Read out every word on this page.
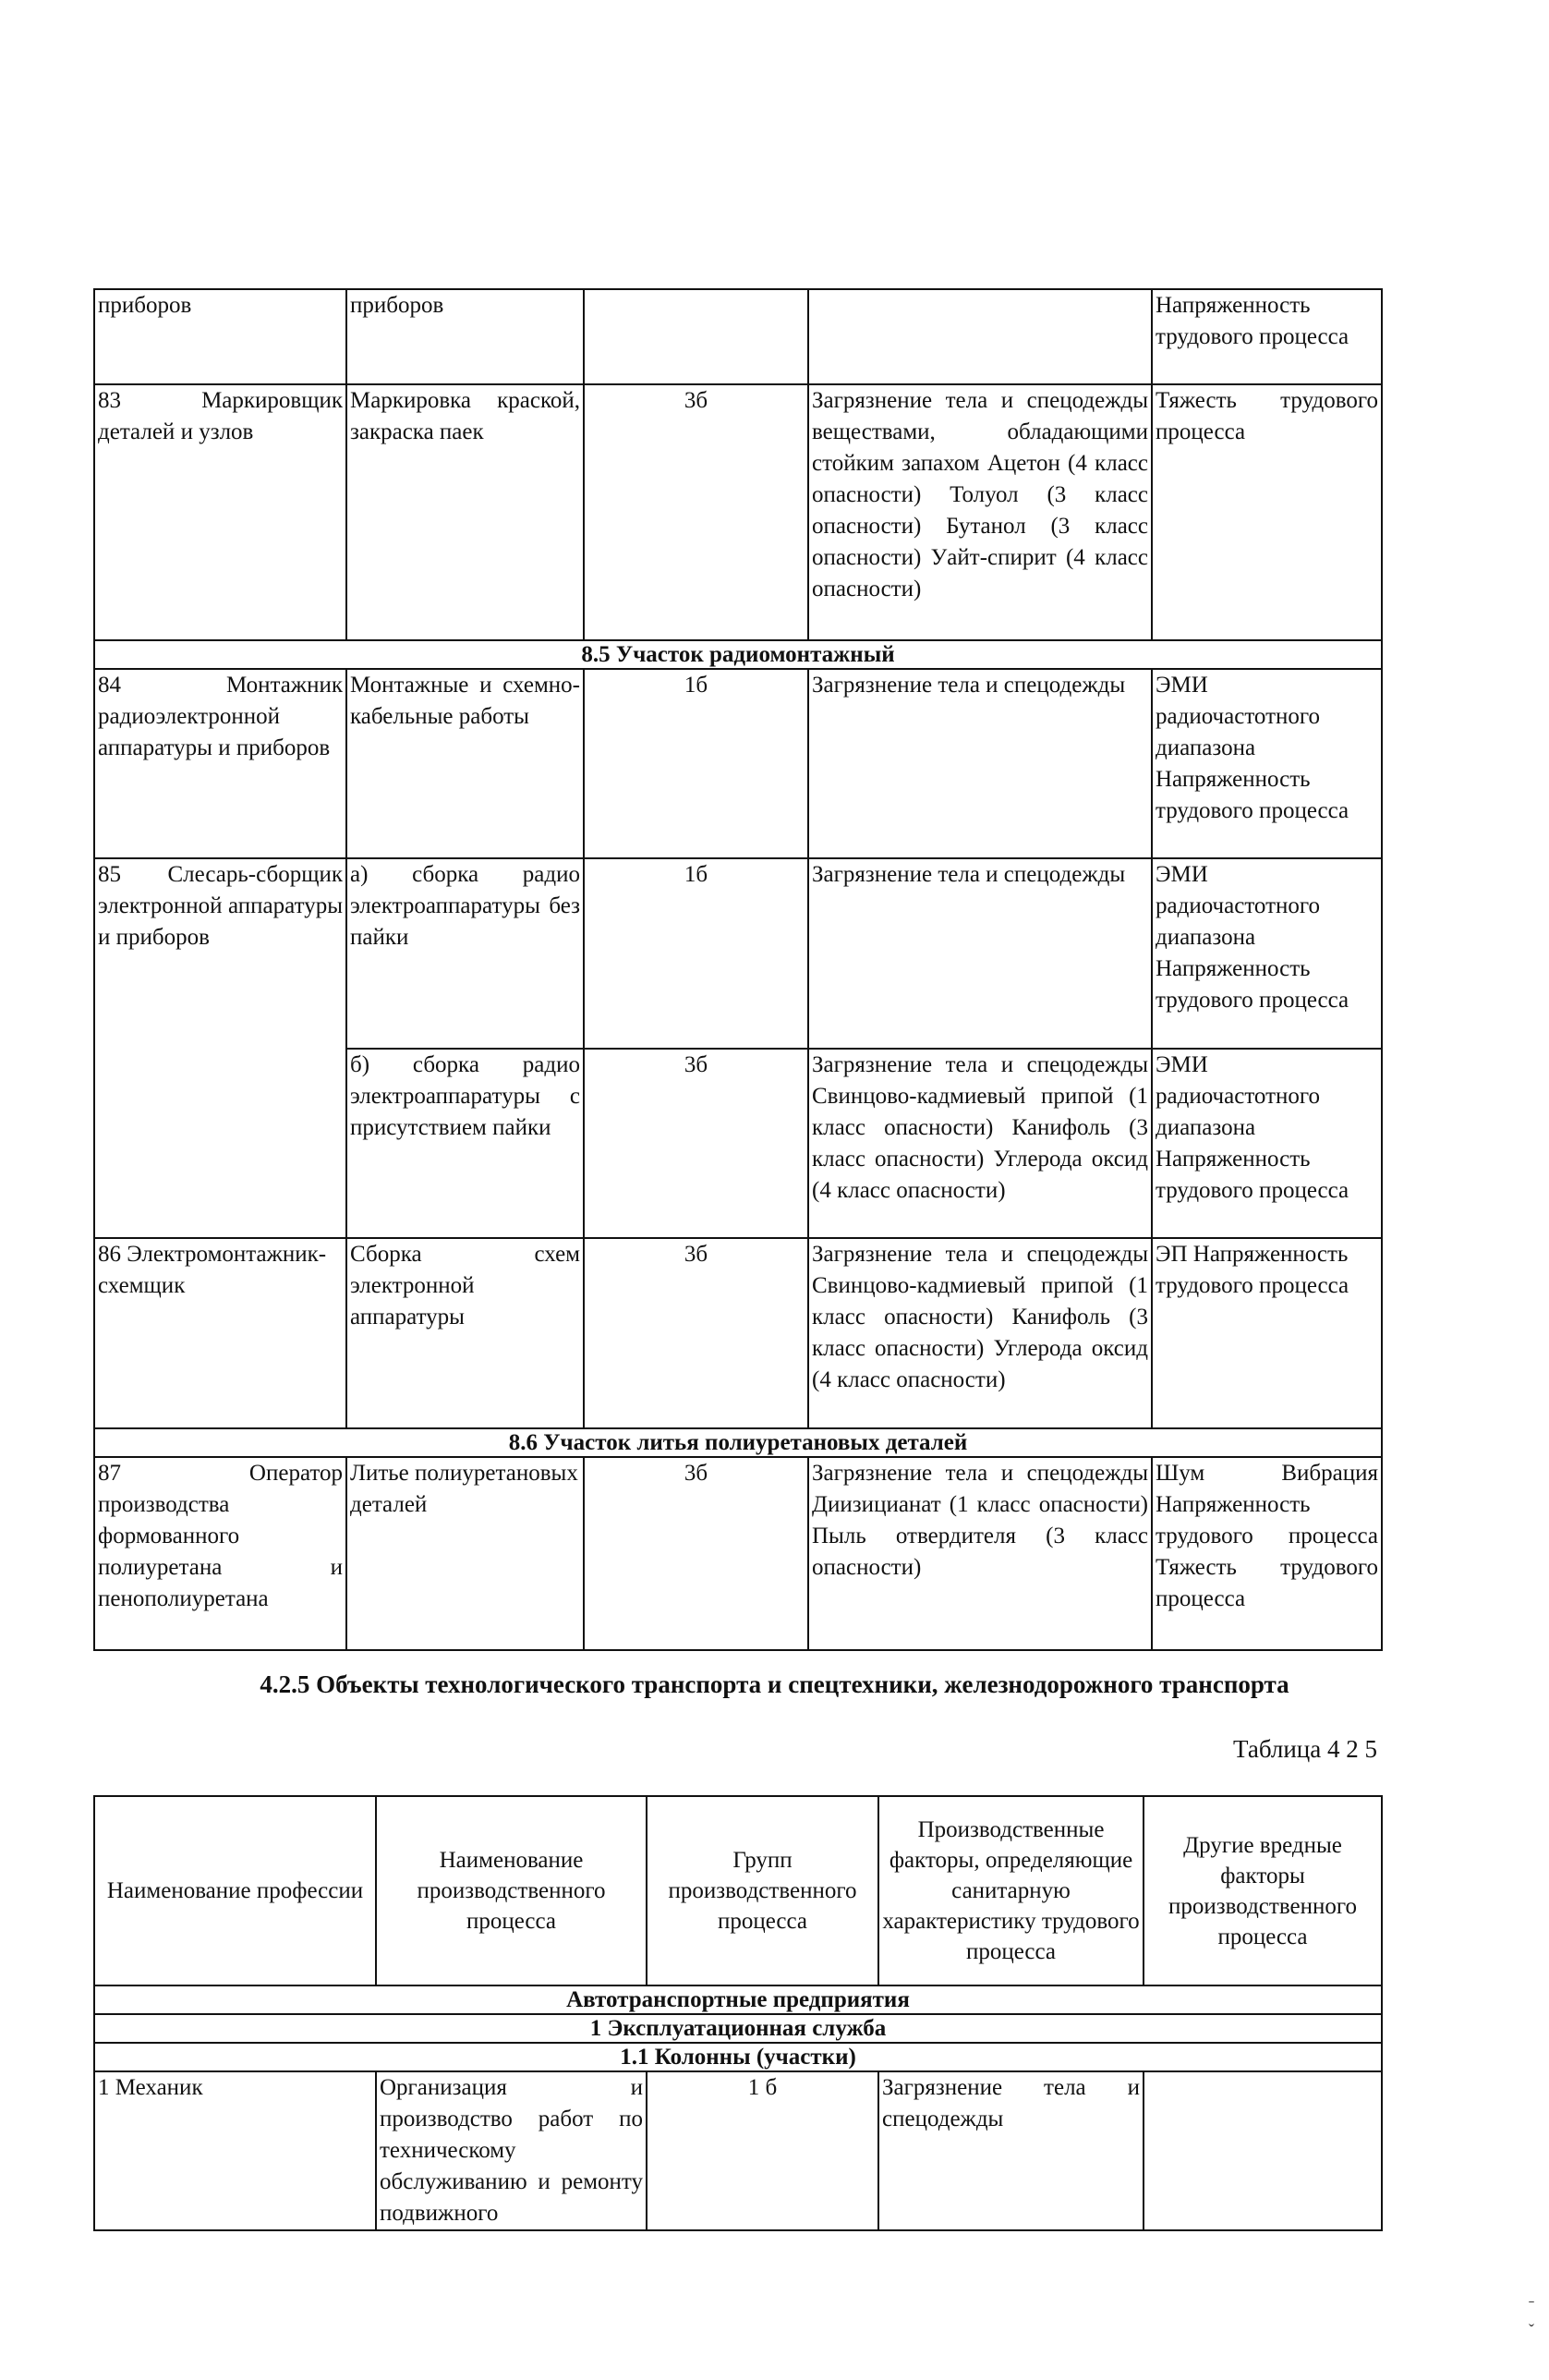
приборов	приборов			Напряженность трудового процесса
83 Маркировщик деталей и узлов	Маркировка краской, закраска паек	3б	Загрязнение тела и спецодежды веществами, обладающими стойким запахом Ацетон (4 класс опасности) Толуол (3 класс опасности) Бутанол (3 класс опасности) Уайт-спирит (4 класс опасности)	Тяжесть трудового процесса
8.5 Участок радиомонтажный				
84 Монтажник радиоэлектронной аппаратуры и приборов	Монтажные и схемно-кабельные работы	1б	Загрязнение тела и спецодежды	ЭМИ радиочастотного диапазона Напряженность трудового процесса
85 Слесарь-сборщик электронной аппаратуры и приборов	а) сборка радио электроаппаратуры без пайки	1б	Загрязнение тела и спецодежды	ЭМИ радиочастотного диапазона Напряженность трудового процесса
	б) сборка радио электроаппаратуры с присутствием пайки	3б	Загрязнение тела и спецодежды Свинцово-кадмиевый припой (1 класс опасности) Канифоль (3 класс опасности) Углерода оксид (4 класс опасности)	ЭМИ радиочастотного диапазона Напряженность трудового процесса
86 Электромонтажник-схемщик	Сборка схем электронной аппаратуры	3б	Загрязнение тела и спецодежды Свинцово-кадмиевый припой (1 класс опасности) Канифоль (3 класс опасности) Углерода оксид (4 класс опасности)	ЭП Напряженность трудового процесса
8.6 Участок литья полиуретановых деталей				
87 Оператор производства формованного полиуретана и пенополиуретана	Литье полиуретановых деталей	3б	Загрязнение тела и спецодежды Диизицианат (1 класс опасности) Пыль отвердителя (3 класс опасности)	Шум Вибрация Напряженность трудового процесса Тяжесть трудового процесса
4.2.5 Объекты технологического транспорта и спецтехники, железнодорожного транспорта
Таблица 4 2 5
Наименование профессии	Наименование производственного процесса	Групп производственного процесса	Производственные факторы, определяющие санитарную характеристику трудового процесса	Другие вредные факторы производственного процесса
Автотранспортные предприятия				
1 Эксплуатационная служба				
1.1 Колонны (участки)				
1 Механик	Организация и производство работ по техническому обслуживанию и ремонту подвижного	1 б	Загрязнение тела и спецодежды	
ˉ
ˇ
